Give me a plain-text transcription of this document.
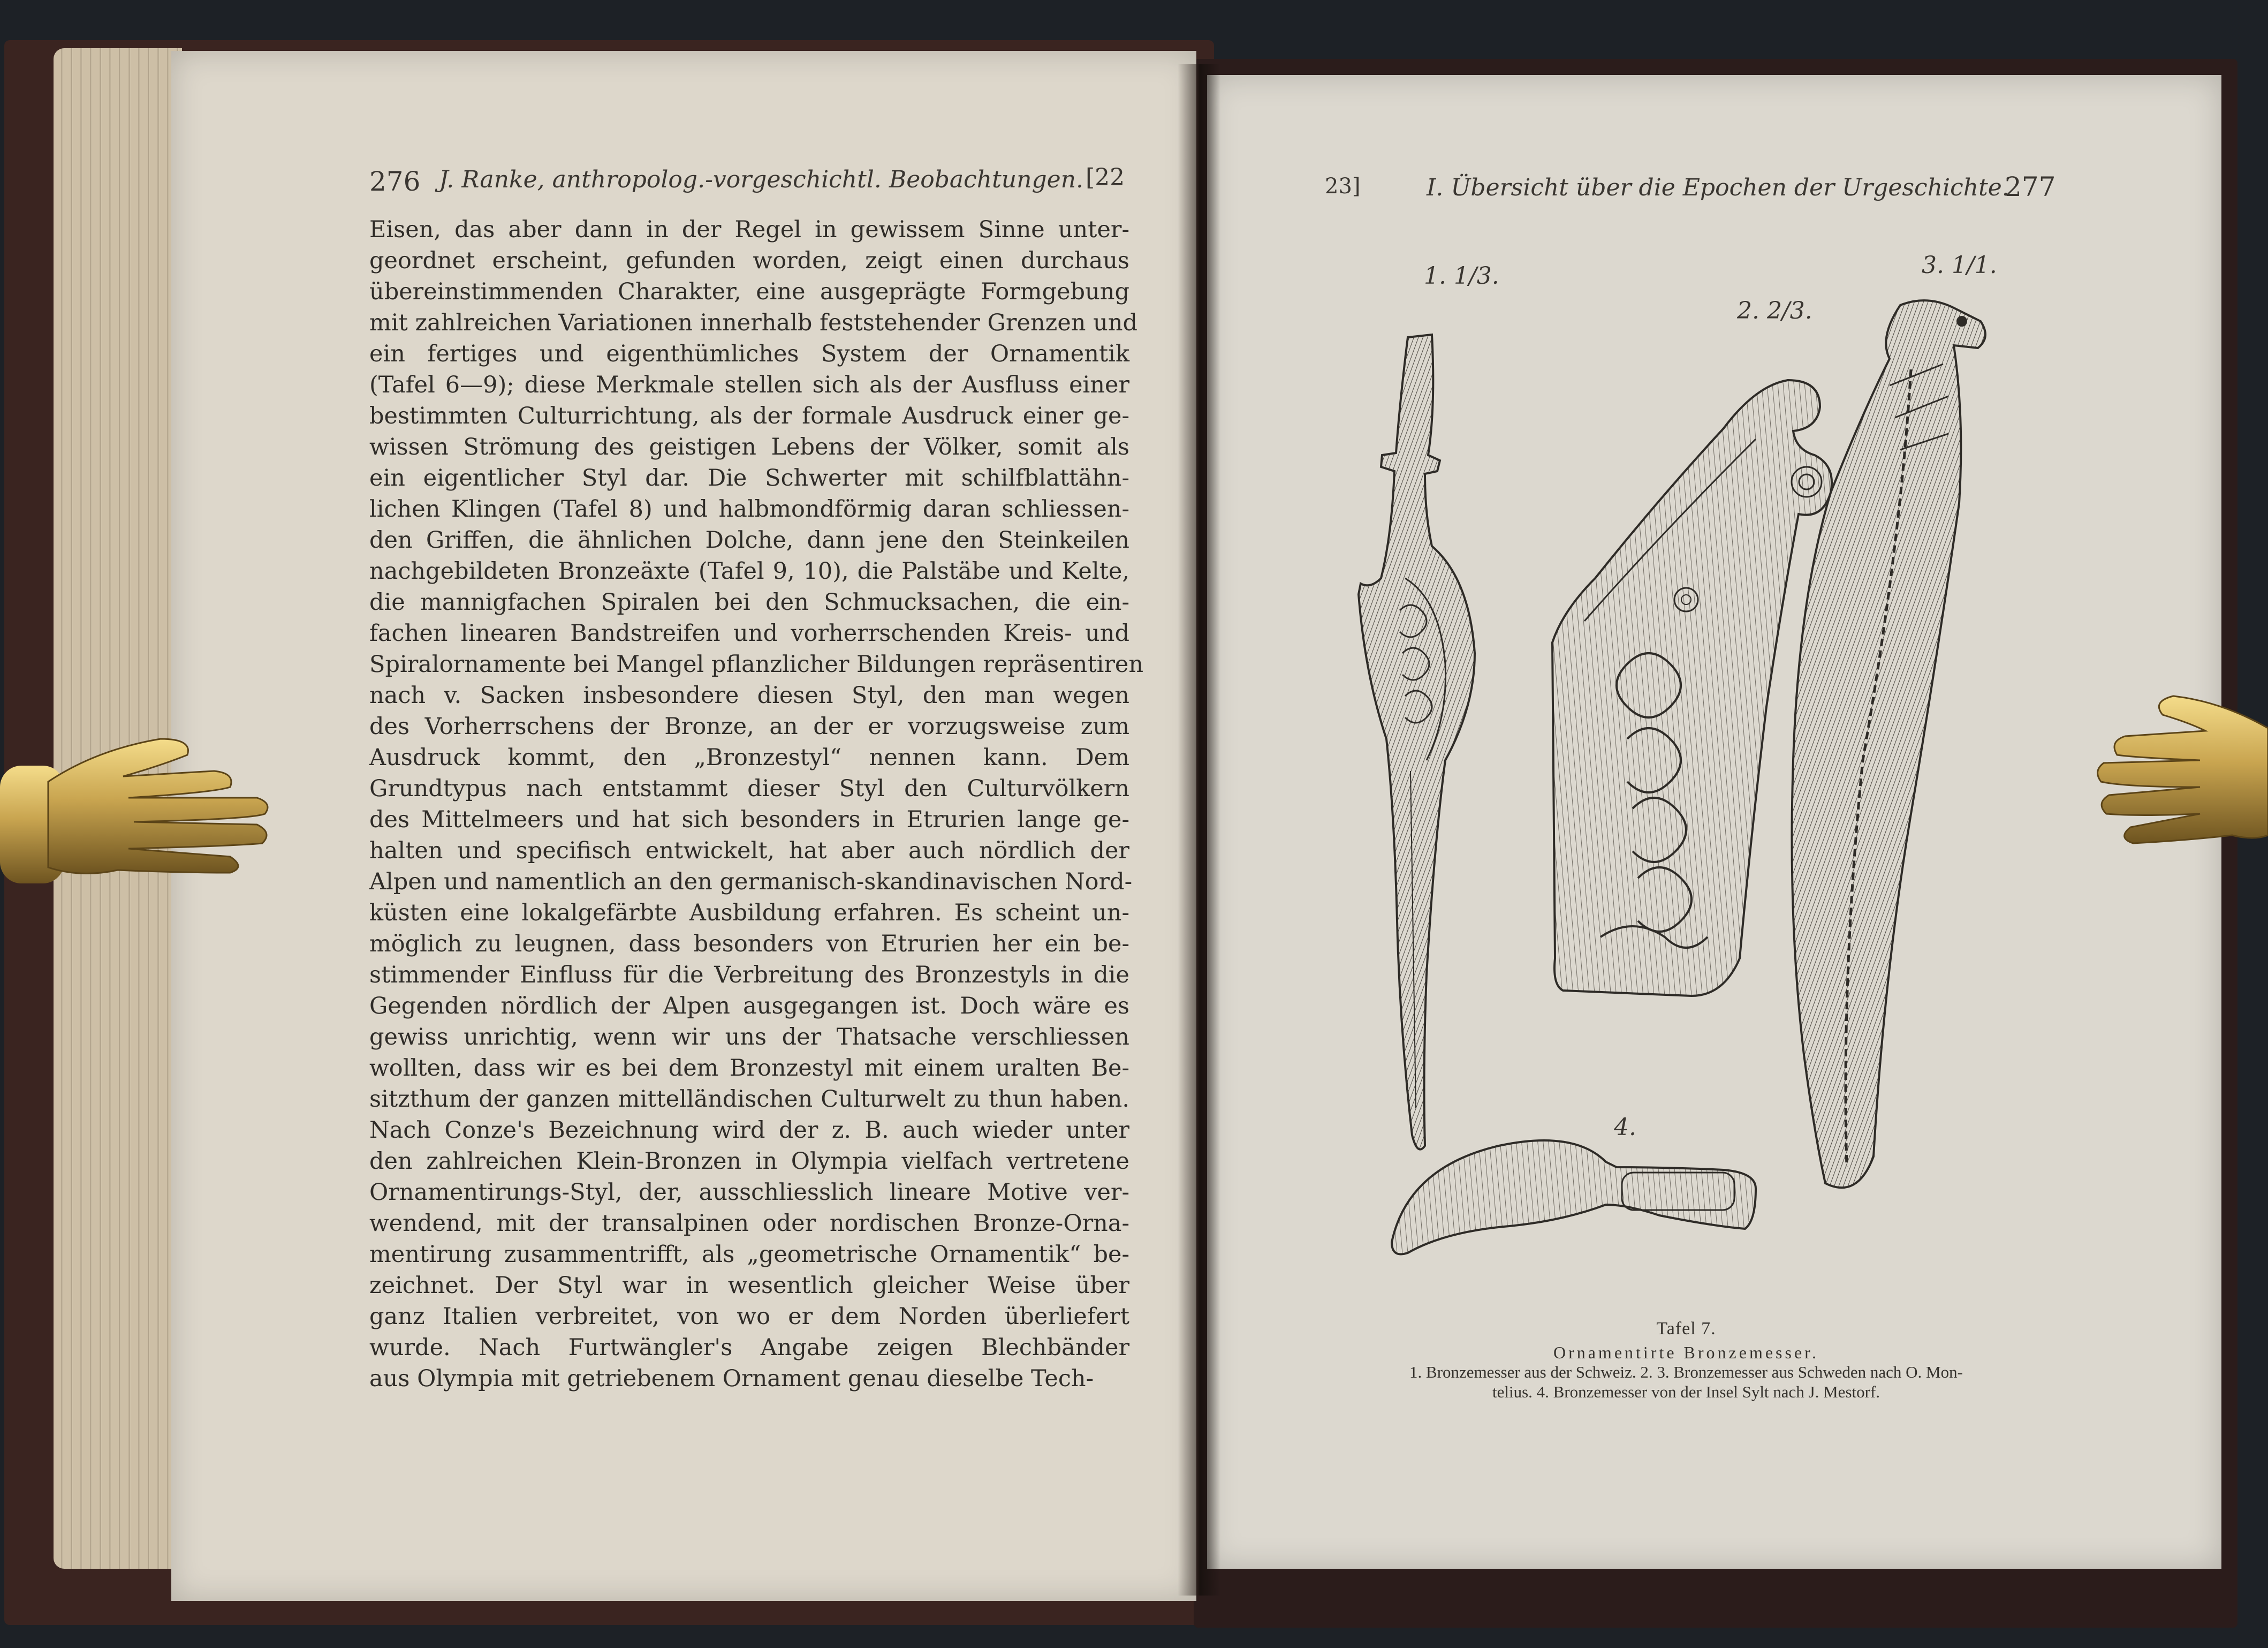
276 J. Ranke, anthropolog.-vorgeschichtl. Beobachtungen. [22
Eisen, das aber dann in der Regel in gewissem Sinne unter-
geordnet erscheint, gefunden worden, zeigt einen durchaus
übereinstimmenden Charakter, eine ausgeprägte Formgebung
mit zahlreichen Variationen innerhalb feststehender Grenzen und
ein fertiges und eigenthümliches System der Ornamentik
(Tafel 6—9); diese Merkmale stellen sich als der Ausfluss einer
bestimmten Culturrichtung, als der formale Ausdruck einer ge-
wissen Strömung des geistigen Lebens der Völker, somit als
ein eigentlicher Styl dar. Die Schwerter mit schilfblattähn-
lichen Klingen (Tafel 8) und halbmondförmig daran schliessen-
den Griffen, die ähnlichen Dolche, dann jene den Steinkeilen
nachgebildeten Bronzeäxte (Tafel 9, 10), die Palstäbe und Kelte,
die mannigfachen Spiralen bei den Schmucksachen, die ein-
fachen linearen Bandstreifen und vorherrschenden Kreis- und
Spiralornamente bei Mangel pflanzlicher Bildungen repräsentiren
nach v. Sacken insbesondere diesen Styl, den man wegen
des Vorherrschens der Bronze, an der er vorzugsweise zum
Ausdruck kommt, den „Bronzestyl“ nennen kann. Dem
Grundtypus nach entstammt dieser Styl den Culturvölkern
des Mittelmeers und hat sich besonders in Etrurien lange ge-
halten und specifisch entwickelt, hat aber auch nördlich der
Alpen und namentlich an den germanisch-skandinavischen Nord-
küsten eine lokalgefärbte Ausbildung erfahren. Es scheint un-
möglich zu leugnen, dass besonders von Etrurien her ein be-
stimmender Einfluss für die Verbreitung des Bronzestyls in die
Gegenden nördlich der Alpen ausgegangen ist. Doch wäre es
gewiss unrichtig, wenn wir uns der Thatsache verschliessen
wollten, dass wir es bei dem Bronzestyl mit einem uralten Be-
sitzthum der ganzen mittelländischen Culturwelt zu thun haben.
Nach Conze's Bezeichnung wird der z. B. auch wieder unter
den zahlreichen Klein-Bronzen in Olympia vielfach vertretene
Ornamentirungs-Styl, der, ausschliesslich lineare Motive ver-
wendend, mit der transalpinen oder nordischen Bronze-Orna-
mentirung zusammentrifft, als „geometrische Ornamentik“ be-
zeichnet. Der Styl war in wesentlich gleicher Weise über
ganz Italien verbreitet, von wo er dem Norden überliefert
wurde. Nach Furtwängler's Angabe zeigen Blechbänder
aus Olympia mit getriebenem Ornament genau dieselbe Tech-
23]	I. Übersicht über die Epochen der Urgeschichte.
277
1. 1/3.
2. 2/3.
3. 1/1.
4.
Tafel 7.
Ornamentirte Bronzemesser.
1. Bronzemesser aus der Schweiz. 2. 3. Bronzemesser aus Schweden nach O. Mon-
telius. 4. Bronzemesser von der Insel Sylt nach J. Mestorf.
